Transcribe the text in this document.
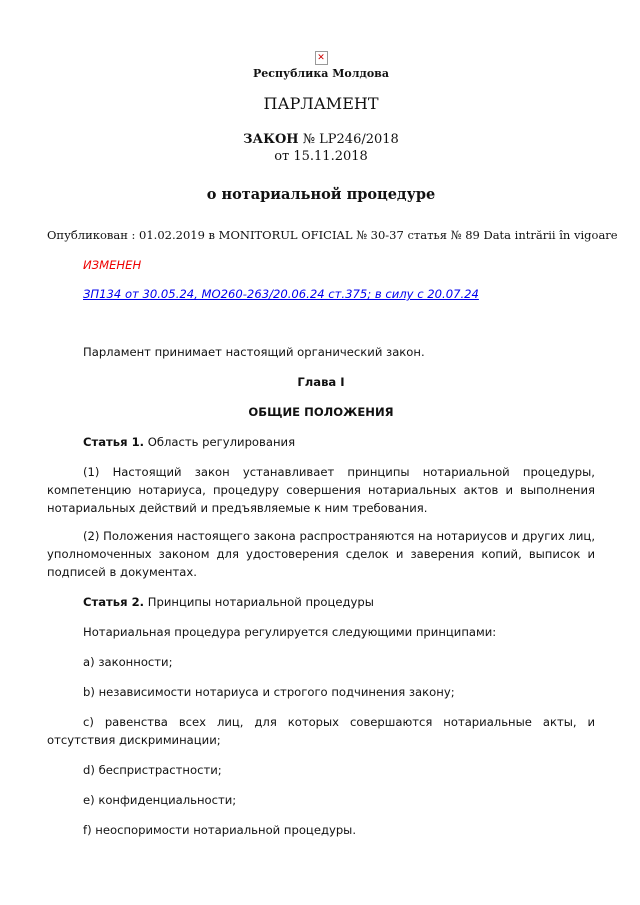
✕
Республика Молдова
ПАРЛАМЕНТ
ЗАКОН № LP246/2018
от 15.11.2018
о нотариальной процедуре
Опубликован : 01.02.2019 в MONITORUL OFICIAL № 30-37 статья № 89 Data intrării în vigoare
ИЗМЕНЕН
ЗП134 от 30.05.24, МО260-263/20.06.24 ст.375; в силу с 20.07.24
Парламент принимает настоящий органический закон.
Глава I
ОБЩИЕ ПОЛОЖЕНИЯ
Статья 1. Область регулирования
(1) Настоящий закон устанавливает принципы нотариальной процедуры, компетенцию нотариуса, процедуру совершения нотариальных актов и выполнения нотариальных действий и предъявляемые к ним требования.
(2) Положения настоящего закона распространяются на нотариусов и других лиц, уполномоченных законом для удостоверения сделок и заверения копий, выписок и подписей в документах.
Статья 2. Принципы нотариальной процедуры
Нотариальная процедура регулируется следующими принципами:
a) законности;
b) независимости нотариуса и строгого подчинения закону;
c) равенства всех лиц, для которых совершаются нотариальные акты, и отсутствия дискриминации;
d) беспристрастности;
e) конфиденциальности;
f) неоспоримости нотариальной процедуры.
